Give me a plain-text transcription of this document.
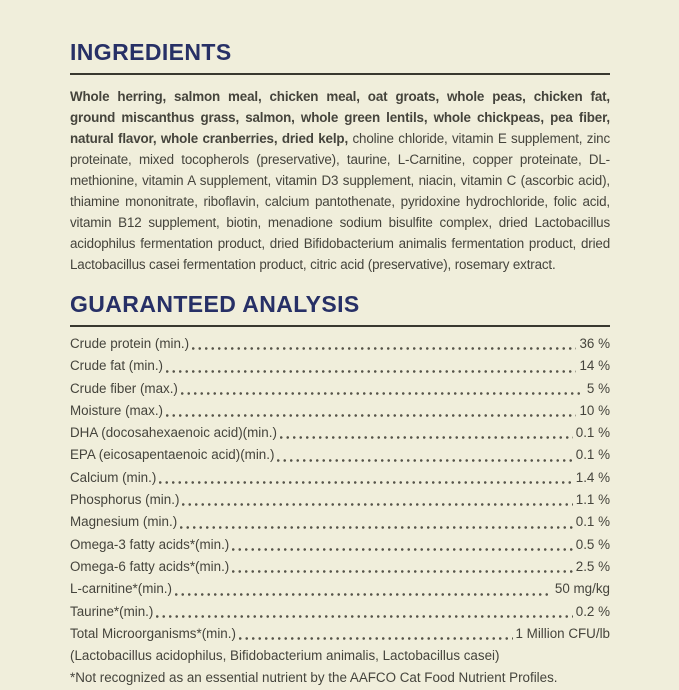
INGREDIENTS

Whole herring, salmon meal, chicken meal, oat groats, whole peas, chicken fat, ground miscanthus grass, salmon, whole green lentils, whole chickpeas, pea fiber, natural flavor, whole cranberries, dried kelp, choline chloride, vitamin E supplement, zinc proteinate, mixed tocopherols (preservative), taurine, L-Carnitine, copper proteinate, DL-methionine, vitamin A supplement, vitamin D3 supplement, niacin, vitamin C (ascorbic acid), thiamine mononitrate, riboflavin, calcium pantothenate, pyridoxine hydrochloride, folic acid, vitamin B12 supplement, biotin, menadione sodium bisulfite complex, dried Lactobacillus acidophilus fermentation product, dried Bifidobacterium animalis fermentation product, dried Lactobacillus casei fermentation product, citric acid (preservative), rosemary extract.

GUARANTEED ANALYSIS
Crude protein (min.)	36 %
Crude fat (min.)	14 %
Crude fiber (max.)	5 %
Moisture (max.)	10 %
DHA (docosahexaenoic acid)(min.)	0.1 %
EPA (eicosapentaenoic acid)(min.)	0.1 %
Calcium (min.)	1.4 %
Phosphorus (min.)	1.1 %
Magnesium (min.)	0.1 %
Omega-3 fatty acids*(min.)	0.5 %
Omega-6 fatty acids*(min.)	2.5 %
L-carnitine*(min.)	50 mg/kg
Taurine*(min.)	0.2 %
Total Microorganisms*(min.)	1 Million CFU/lb
(Lactobacillus acidophilus, Bifidobacterium animalis, Lactobacillus casei)
*Not recognized as an essential nutrient by the AAFCO Cat Food Nutrient Profiles.
